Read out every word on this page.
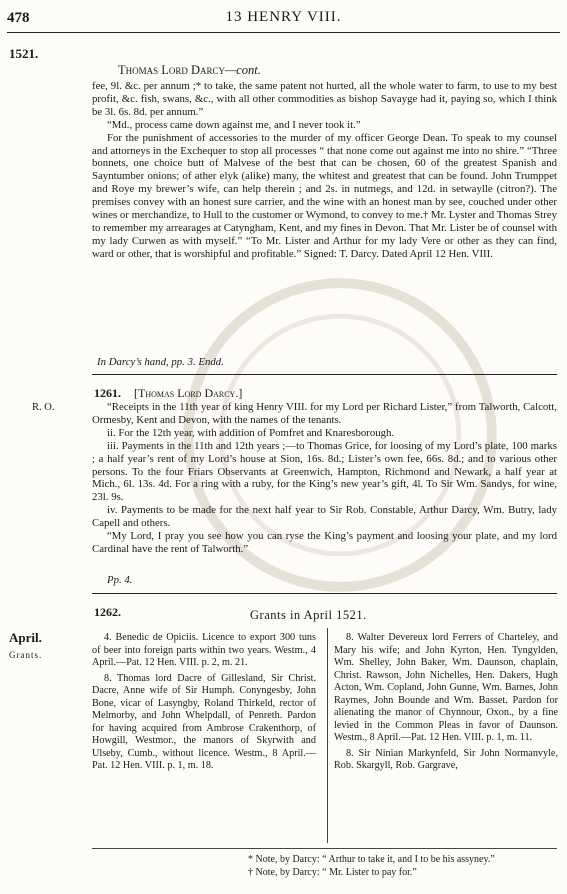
478	13 HENRY VIII.
1521.
Thomas Lord Darcy—cont.

fee, 9l. &c. per annum ;* to take, the same patent not hurted, all the whole water to farm, to use to my best profit, &c. fish, swans, &c., with all other commodities as bishop Savayge had it, paying so, which I think be 3l. 6s. 8d. per annum.”

“Md., process came down against me, and I never took it.”

For the punishment of accessories to the murder of my officer George Dean. To speak to my counsel and attorneys in the Exchequer to stop all processes “ that none come out against me into no shire.” “Three bonnets, one choice butt of Malvese of the best that can be chosen, 60 of the greatest Spanish and Sayntumber onions; of ather elyk (alike) many, the whitest and greatest that can be found. John Trumppet and Roye my brewer’s wife, can help therein ; and 2s. in nutmegs, and 12d. in setwaylle (citron?). The premises convey with an honest sure carrier, and the wine with an honest man by see, couched under other wines or merchandize, to Hull to the customer or Wymond, to convey to me.† Mr. Lyster and Thomas Strey to remember my arrearages at Catyngham, Kent, and my fines in Devon. That Mr. Lister be of counsel with my lady Curwen as with myself.” “To Mr. Lister and Arthur for my lady Vere or other as they can find, ward or other, that is worshipful and profitable.” Signed: T. Darcy. Dated April 12 Hen. VIII.

In Darcy’s hand, pp. 3. Endd.
1261. [Thomas Lord Darcy.]
R. O.	“Receipts in the 11th year of king Henry VIII. for my Lord per Richard Lister,” from Talworth, Calcott, Ormesby, Kent and Devon, with the names of the tenants.

ii. For the 12th year, with addition of Pomfret and Knaresborough.

iii. Payments in the 11th and 12th years ;—to Thomas Grice, for loosing of my Lord’s plate, 100 marks ; a half year’s rent of my Lord’s house at Sion, 16s. 8d.; Lister’s own fee, 66s. 8d.; and to various other persons. To the four Friars Observants at Greenwich, Hampton, Richmond and Newark, a half year at Mich., 6l. 13s. 4d. For a ring with a ruby, for the King’s new year’s gift, 4l. To Sir Wm. Sandys, for wine, 23l. 9s.

iv. Payments to be made for the next half year to Sir Rob. Constable, Arthur Darcy, Wm. Butry, lady Capell and others.

“My Lord, I pray you see how you can ryse the King’s payment and loosing your plate, and my lord Cardinal have the rent of Talworth.”

Pp. 4.
1262.	Grants in April 1521.
April.
Grants.

4. Benedic de Opiciis. Licence to export 300 tuns of beer into foreign parts within two years. Westm., 4 April.—Pat. 12 Hen. VIII. p. 2, m. 21.

8. Thomas lord Dacre of Gillesland, Sir Christ. Dacre, Anne wife of Sir Humph. Conyngesby, John Bone, vicar of Lasyngby, Roland Thirkeld, rector of Melmorby, and John Whelpdall, of Penreth. Pardon for having acquired from Ambrose Crakenthorp, of Howgill, Westmor., the manors of Skyrwith and Ulseby, Cumb., without licence. Westm., 8 April.—Pat. 12 Hen. VIII. p. 1, m. 18.

8. Walter Devereux lord Ferrers of Charteley, and Mary his wife; and John Kyrton, Hen. Tyngylden, Wm. Shelley, John Baker, Wm. Daunson, chaplain, Christ. Rawson, John Nichelles, Hen. Dakers, Hugh Acton, Wm. Copland, John Gunne, Wm. Barnes, John Raymes, John Bounde and Wm. Basset. Pardon for alienating the manor of Chynnour, Oxon., by a fine levied in the Common Pleas in favor of Daunson. Westm., 8 April.—Pat. 12 Hen. VIII. p. 1, m. 11.

8. Sir Ninian Markynfeld, Sir John Normanvyle, Rob. Skargyll, Rob. Gargrave,

* Note, by Darcy: “ Arthur to take it, and I to be his assyney.”
† Note, by Darcy: “ Mr. Lister to pay for.”
